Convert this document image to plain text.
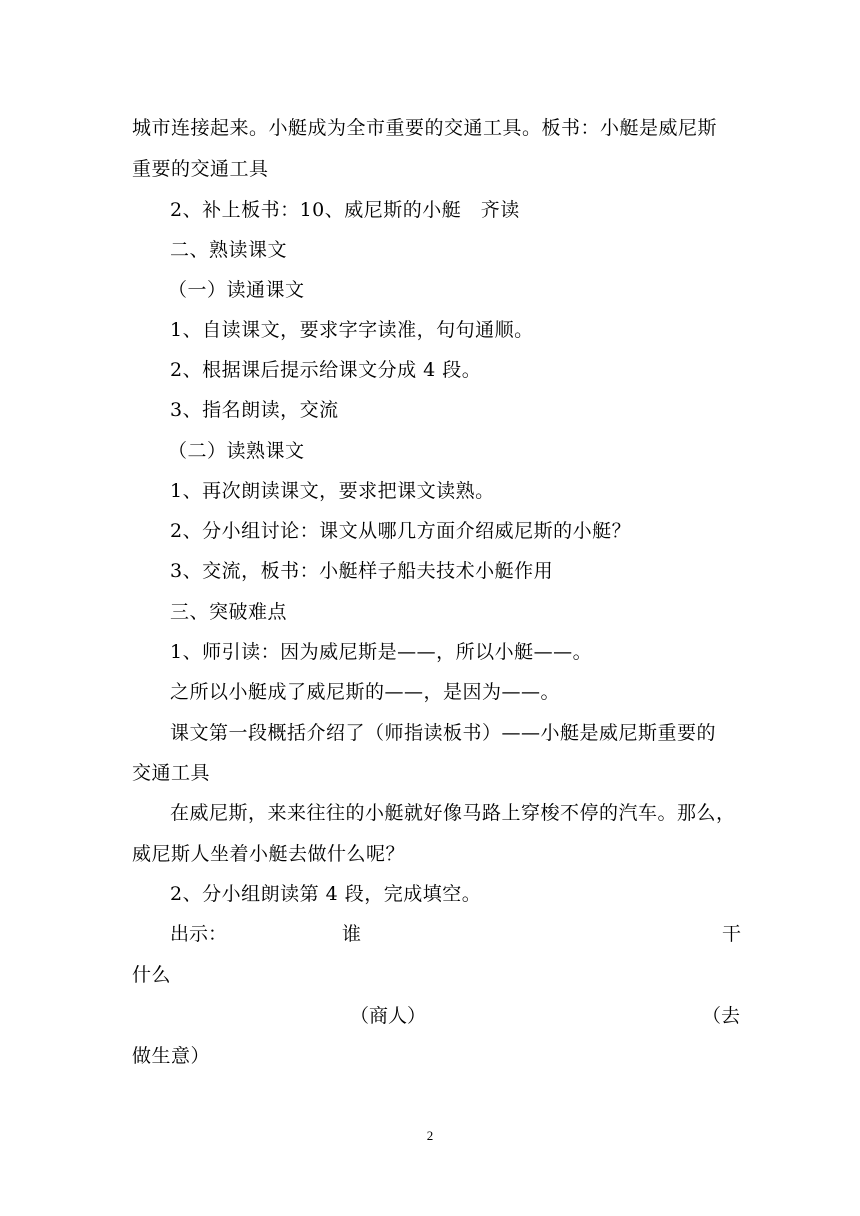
城市连接起来。小艇成为全市重要的交通工具。板书：小艇是威尼斯
重要的交通工具
2、补上板书：10、威尼斯的小艇　齐读
二、熟读课文
（一）读通课文
1、自读课文，要求字字读准，句句通顺。
2、根据课后提示给课文分成 4 段。
3、指名朗读，交流
（二）读熟课文
1、再次朗读课文，要求把课文读熟。
2、分小组讨论：课文从哪几方面介绍威尼斯的小艇？
3、交流，板书：小艇样子船夫技术小艇作用
三、突破难点
1、师引读：因为威尼斯是——，所以小艇——。
之所以小艇成了威尼斯的——，是因为——。
课文第一段概括介绍了（师指读板书）——小艇是威尼斯重要的
交通工具
在威尼斯，来来往往的小艇就好像马路上穿梭不停的汽车。那么，
威尼斯人坐着小艇去做什么呢？
2、分小组朗读第 4 段，完成填空。
出示：	谁	干
什么
（商人）	（去
做生意）
2
